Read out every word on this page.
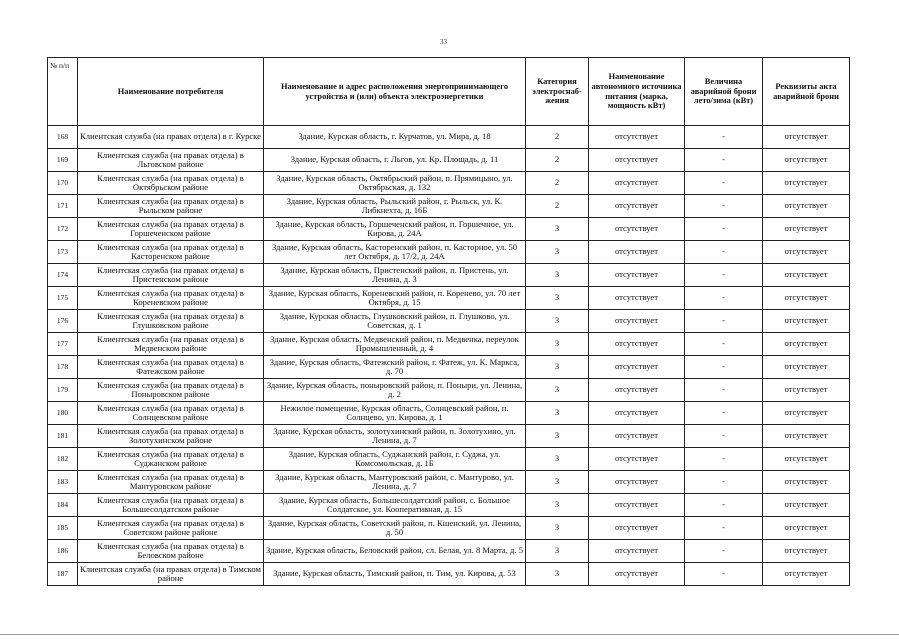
33
№ п/п	Наименование потребителя	Наименование и адрес расположения энергопринимающего устройства и (или) объекта электроэнергетики	Категория электроснаб-жения	Наименование автономного источника питания (марка, мощность кВт)	Величина аварийной брони лето/зима (кВт)	Реквизиты акта аварийной брони
168	Клиентская служба (на правах отдела) в г. Курске	Здание, Курская область, г. Курчатов, ул. Мира, д. 18	2	отсутствует	-	отсутствует
169	Клиентская служба (на правах отдела) в Льговском районе	Здание, Курская область, г. Льгов, ул. Кр. Площадь, д. 11	2	отсутствует	-	отсутствует
170	Клиентская служба (на правах отдела) в Октябрьском районе	Здание, Курская область, Октябрьский район, п. Прямицыно, ул. Октябрьская, д. 132	2	отсутствует	-	отсутствует
171	Клиентская служба (на правах отдела) в Рыльском районе	Здание, Курская область, Рыльский район, г. Рыльск, ул. К. Либкнехта, д. 16Б	2	отсутствует	-	отсутствует
172	Клиентская служба (на правах отдела) в Горшеченском районе	Здание, Курская область, Горшеченский район, п. Горшечное, ул. Кирова, д. 24А	3	отсутствует	-	отсутствует
173	Клиентская служба (на правах отдела) в Касторенском районе	Здание, Курская область, Касторенский район, п. Касторное, ул. 50 лет Октября, д. 17/2, д. 24А	3	отсутствует	-	отсутствует
174	Клиентская служба (на правах отдела) в Пристенском районе	Здание, Курская область, Пристенский район, п. Пристень, ул. Ленина, д. 3	3	отсутствует	-	отсутствует
175	Клиентская служба (на правах отдела) в Кореневском районе	Здание, Курская область, Кореневский район, п. Коренево, ул. 70 лет Октября, д. 15	3	отсутствует	-	отсутствует
176	Клиентская служба (на правах отдела) в Глушковском районе	Здание, Курская область, Глушковский район, п. Глушково, ул. Советская, д. 1	3	отсутствует	-	отсутствует
177	Клиентская служба (на правах отдела) в Медвенском районе	Здание, Курская область, Медвенский район, п. Медвенка, переулок Промышленный, д. 4	3	отсутствует	-	отсутствует
178	Клиентская служба (на правах отдела) в Фатежском районе	Здание, Курская область, Фатежский район, г. Фатеж, ул. К. Маркса, д. 70	3	отсутствует	-	отсутствует
179	Клиентская служба (на правах отдела) в Поныровском районе	Здание, Курская область, поныровский район, п. Поныри, ул. Ленина, д. 2	3	отсутствует	-	отсутствует
180	Клиентская служба (на правах отдела) в Солнцевском районе	Нежилое помещение, Курская область, Солнцевский район, п. Солнцево, ул. Кирова, д. 1	3	отсутствует	-	отсутствует
181	Клиентская служба (на правах отдела) в Золотухинском районе	Здание, Курская область, золотухинский район, п. Золотухино, ул. Ленина, д. 7	3	отсутствует	-	отсутствует
182	Клиентская служба (на правах отдела) в Суджанском районе	Здание, Курская область, Суджанский район, г. Суджа, ул. Комсомольская, д. 1Б	3	отсутствует	-	отсутствует
183	Клиентская служба (на правах отдела) в Мантуровском районе	Здание, Курская область, Мантуровский район, с. Мантурово, ул. Ленина, д. 7	3	отсутствует	-	отсутствует
184	Клиентская служба (на правах отдела) в Большесолдатском районе	Здание, Курская область, Большесолдатский район, с. Большое Солдатское, ул. Кооперативная, д. 15	3	отсутствует	-	отсутствует
185	Клиентская служба (на правах отдела) в Советском районе районе	Здание, Курская область, Советский район, п. Кшенский, ул. Ленина, д. 50	3	отсутствует	-	отсутствует
186	Клиентская служба (на правах отдела) в Беловском районе	Здание, Курская область, Беловский район, сл. Белая, ул. 8 Марта, д. 5	3	отсутствует	-	отсутствует
187	Клиентская служба (на правах отдела) в Тимском районе	Здание, Курская область, Тимский район, п. Тим, ул. Кирова, д. 53	3	отсутствует	-	отсутствует
